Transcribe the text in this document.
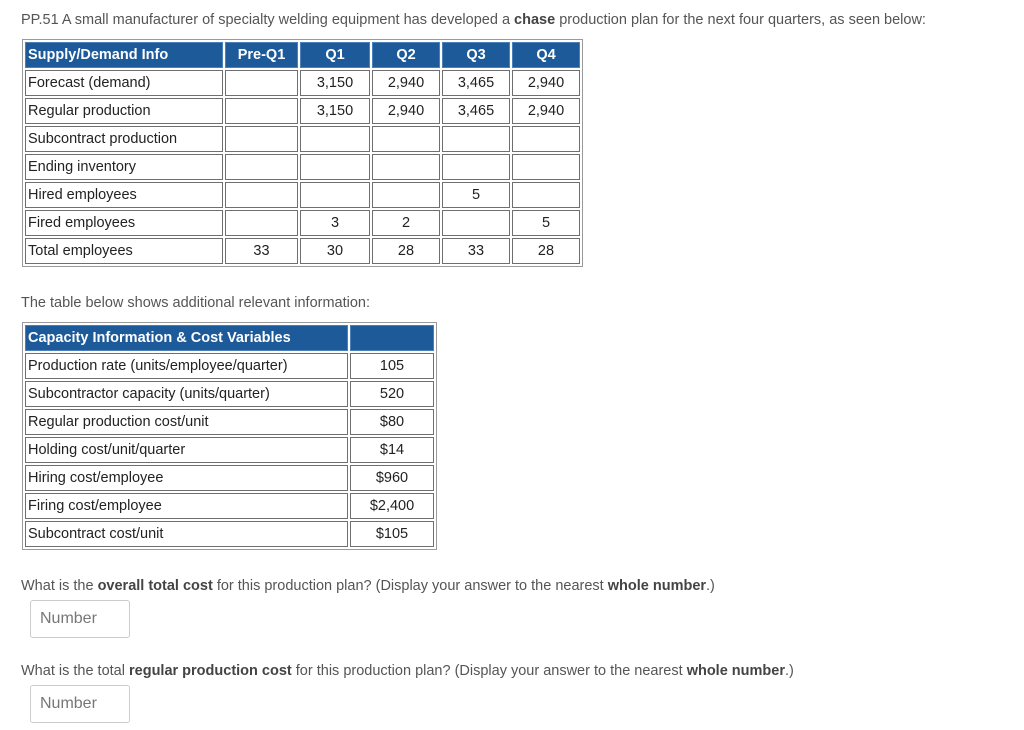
PP.51 A small manufacturer of specialty welding equipment has developed a chase production plan for the next four quarters, as seen below:
Supply/Demand Info	Pre-Q1	Q1	Q2	Q3	Q4
Forecast (demand)		3,150	2,940	3,465	2,940
Regular production		3,150	2,940	3,465	2,940
Subcontract production					
Ending inventory					
Hired employees				5	
Fired employees		3	2		5
Total employees	33	30	28	33	28
The table below shows additional relevant information:
Capacity Information & Cost Variables	
Production rate (units/employee/quarter)	105
Subcontractor capacity (units/quarter)	520
Regular production cost/unit	$80
Holding cost/unit/quarter	$14
Hiring cost/employee	$960
Firing cost/employee	$2,400
Subcontract cost/unit	$105
What is the overall total cost for this production plan? (Display your answer to the nearest whole number.)
Number
What is the total regular production cost for this production plan? (Display your answer to the nearest whole number.)
Number
